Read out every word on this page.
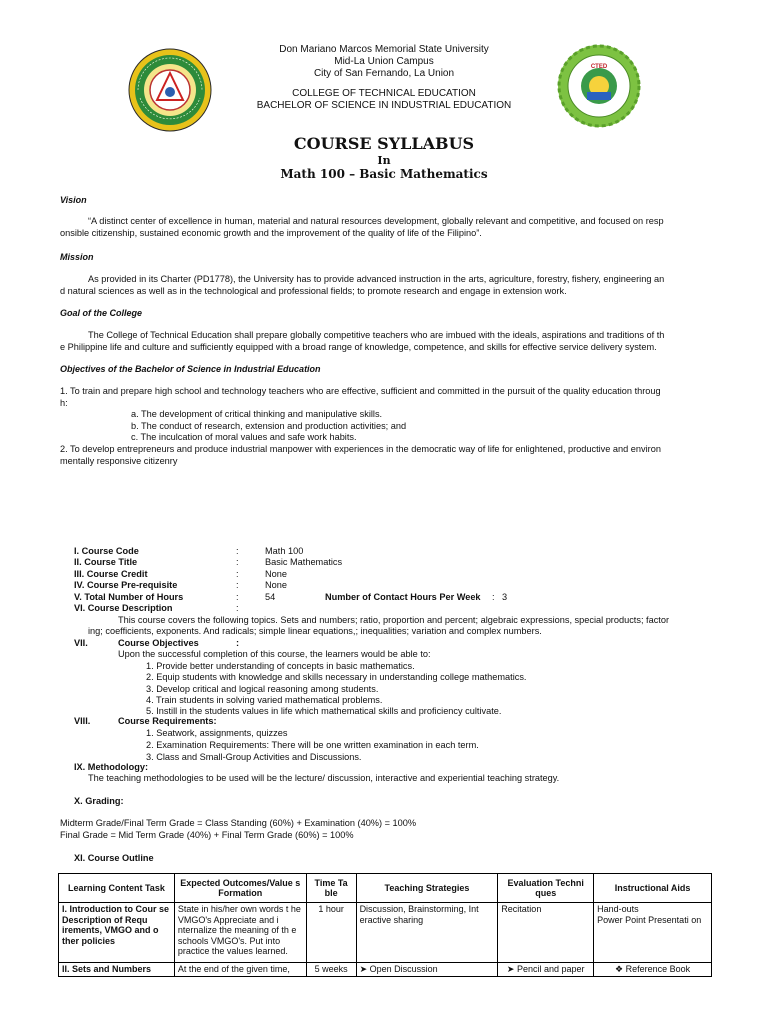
CTED
Don Mariano Marcos Memorial State University
Mid-La Union Campus
City of San Fernando, La Union
COLLEGE OF TECHNICAL EDUCATION
BACHELOR OF SCIENCE IN INDUSTRIAL EDUCATION
COURSE SYLLABUS
In
Math 100 – Basic Mathematics
Vision
“A distinct center of excellence in human, material and natural resources development, globally relevant and competitive, and focused on resp
onsible citizenship, sustained economic growth and the improvement of the quality of life of the Filipino”.
Mission
As provided in its Charter (PD1778), the University has to provide advanced instruction in the arts, agriculture, forestry, fishery, engineering an
d natural sciences as well as in the technological and professional fields; to promote research and engage in extension work.
Goal of the College
The College of Technical Education shall prepare globally competitive teachers who are imbued with the ideals, aspirations and traditions of th
e Philippine life and culture and sufficiently equipped with a broad range of knowledge, competence, and skills for effective service delivery system.
Objectives of the Bachelor of Science in Industrial Education
1. To train and prepare high school and technology teachers who are effective, sufficient and committed in the pursuit of the quality education throug
h:
a. The development of critical thinking and manipulative skills.
b. The conduct of research, extension and production activities; and
c. The inculcation of moral values and safe work habits.
2. To develop entrepreneurs and produce industrial manpower with experiences in the democratic way of life for enlightened, productive and environ
mentally responsive citizenry
I. Course Code	:	Math 100
II. Course Title	:	Basic Mathematics
III. Course Credit	:	None
IV. Course Pre-requisite	:	None
V. Total Number of Hours	:	54	Number of Contact Hours Per Week : 3
VI. Course Description	:
This course covers the following topics. Sets and numbers; ratio, proportion and percent; algebraic expressions, special products; factor
ing; coefficients, exponents. And radicals; simple linear equations,; inequalities; variation and complex numbers.
VII.	Course Objectives	:
Upon the successful completion of this course, the learners would be able to:
1. Provide better understanding of concepts in basic mathematics.
2. Equip students with knowledge and skills necessary in understanding college mathematics.
3. Develop critical and logical reasoning among students.
4. Train students in solving varied mathematical problems.
5. Instill in the students values in life which mathematical skills and proficiency cultivate.
VIII.	Course Requirements:
1. Seatwork, assignments, quizzes
2. Examination Requirements: There will be one written examination in each term.
3. Class and Small-Group Activities and Discussions.
IX. Methodology:
The teaching methodologies to be used will be the lecture/ discussion, interactive and experiential teaching strategy.
X. Grading:
Midterm Grade/Final Term Grade = Class Standing (60%) + Examination (40%) = 100%
Final Grade = Mid Term Grade (40%) + Final Term Grade (60%) = 100%
XI. Course Outline
Learning Content Task	Expected Outcomes/Value s Formation	Time Ta ble	Teaching Strategies	Evaluation Techni ques	Instructional Aids
I. Introduction to Cour se Description of Requ irements, VMGO and o ther policies	State in his/her own words t he VMGO's Appreciate and i nternalize the meaning of th e schools VMGO's. Put into practice the values learned.	1 hour	Discussion, Brainstorming, Int eractive sharing	Recitation	Hand-outs
Power Point Presentati on

II. Sets and Numbers	At the end of the given time,	5 weeks	➤ Open Discussion	➤ Pencil and paper	❖ Reference Book
